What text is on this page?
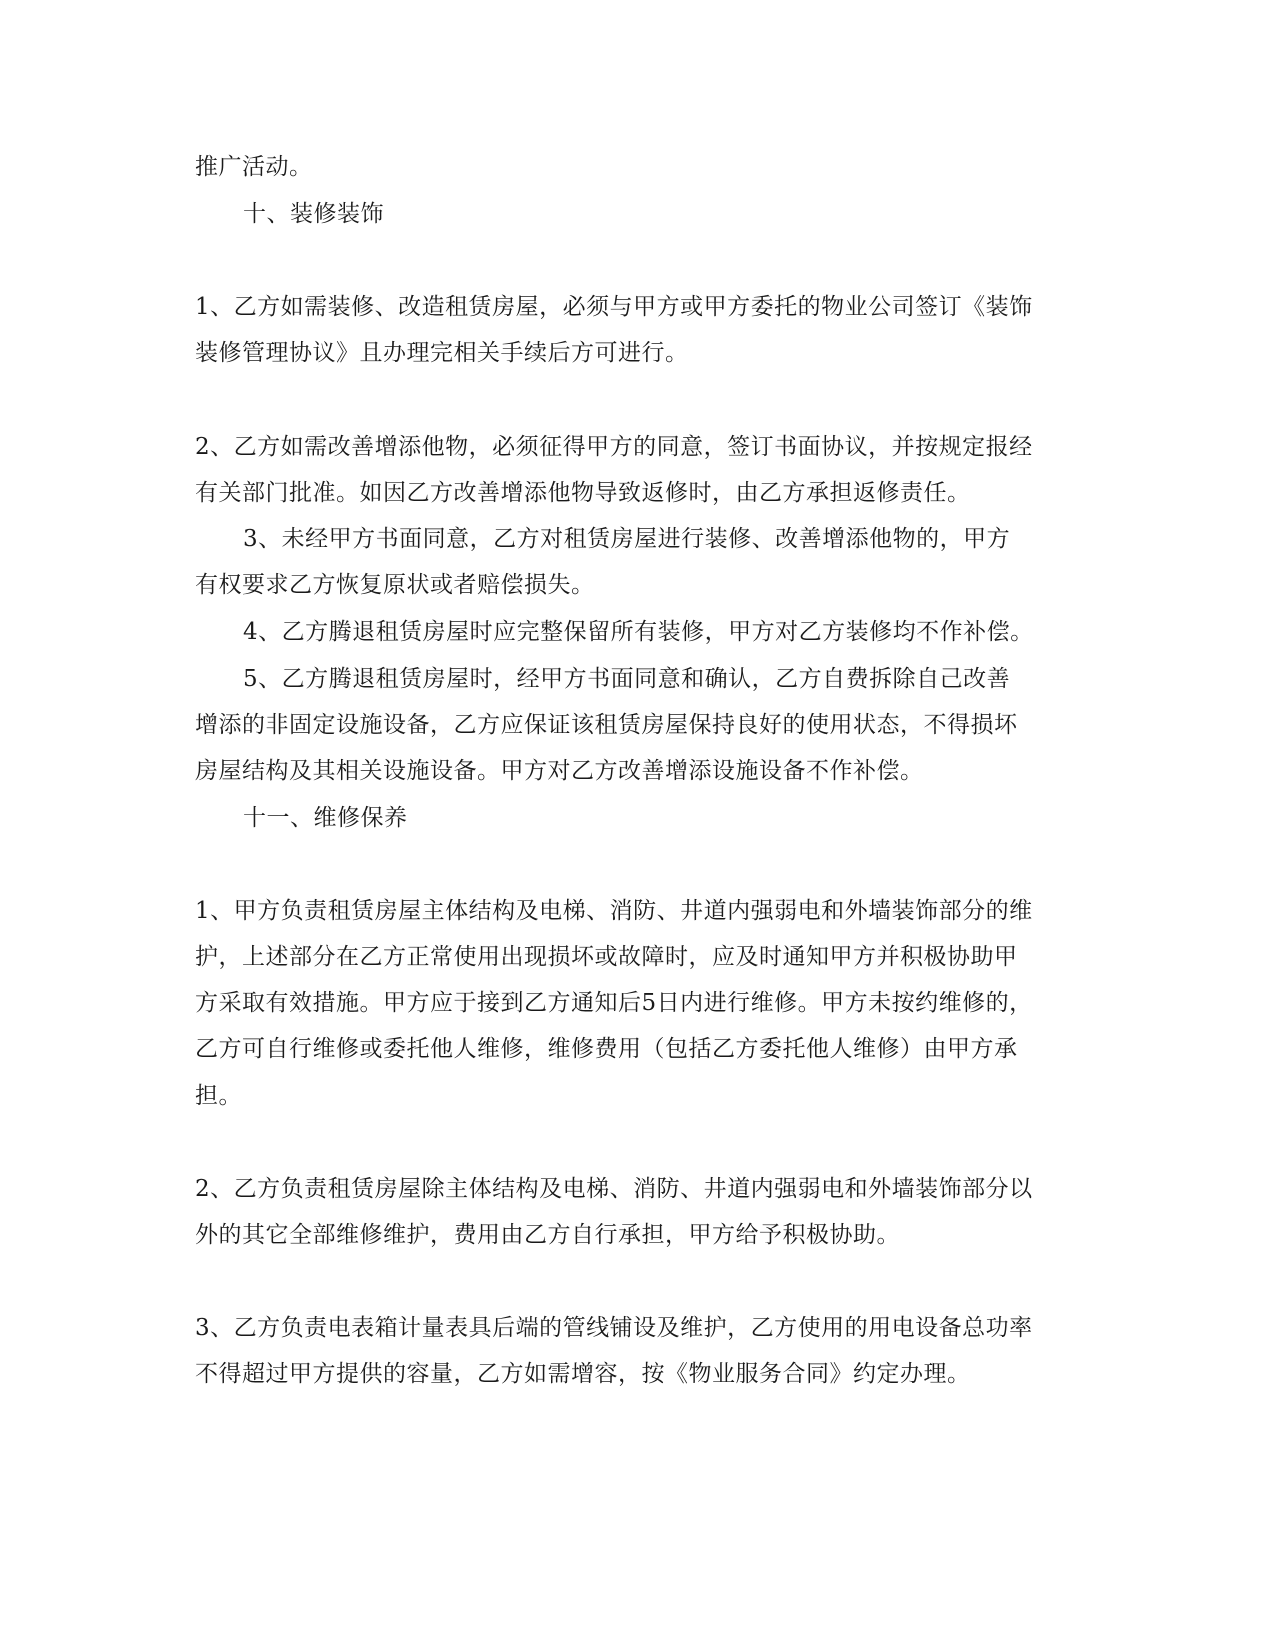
推广活动。
十、装修装饰
1、乙方如需装修、改造租赁房屋，必须与甲方或甲方委托的物业公司签订《装饰
装修管理协议》且办理完相关手续后方可进行。
2、乙方如需改善增添他物，必须征得甲方的同意，签订书面协议，并按规定报经
有关部门批准。如因乙方改善增添他物导致返修时，由乙方承担返修责任。
3、未经甲方书面同意，乙方对租赁房屋进行装修、改善增添他物的，甲方
有权要求乙方恢复原状或者赔偿损失。
4、乙方腾退租赁房屋时应完整保留所有装修，甲方对乙方装修均不作补偿。
5、乙方腾退租赁房屋时，经甲方书面同意和确认，乙方自费拆除自己改善
增添的非固定设施设备，乙方应保证该租赁房屋保持良好的使用状态，不得损坏
房屋结构及其相关设施设备。甲方对乙方改善增添设施设备不作补偿。
十一、维修保养
1、甲方负责租赁房屋主体结构及电梯、消防、井道内强弱电和外墙装饰部分的维
护，上述部分在乙方正常使用出现损坏或故障时，应及时通知甲方并积极协助甲
方采取有效措施。甲方应于接到乙方通知后5日内进行维修。甲方未按约维修的，
乙方可自行维修或委托他人维修，维修费用（包括乙方委托他人维修）由甲方承
担。
2、乙方负责租赁房屋除主体结构及电梯、消防、井道内强弱电和外墙装饰部分以
外的其它全部维修维护，费用由乙方自行承担，甲方给予积极协助。
3、乙方负责电表箱计量表具后端的管线铺设及维护，乙方使用的用电设备总功率
不得超过甲方提供的容量，乙方如需增容，按《物业服务合同》约定办理。
